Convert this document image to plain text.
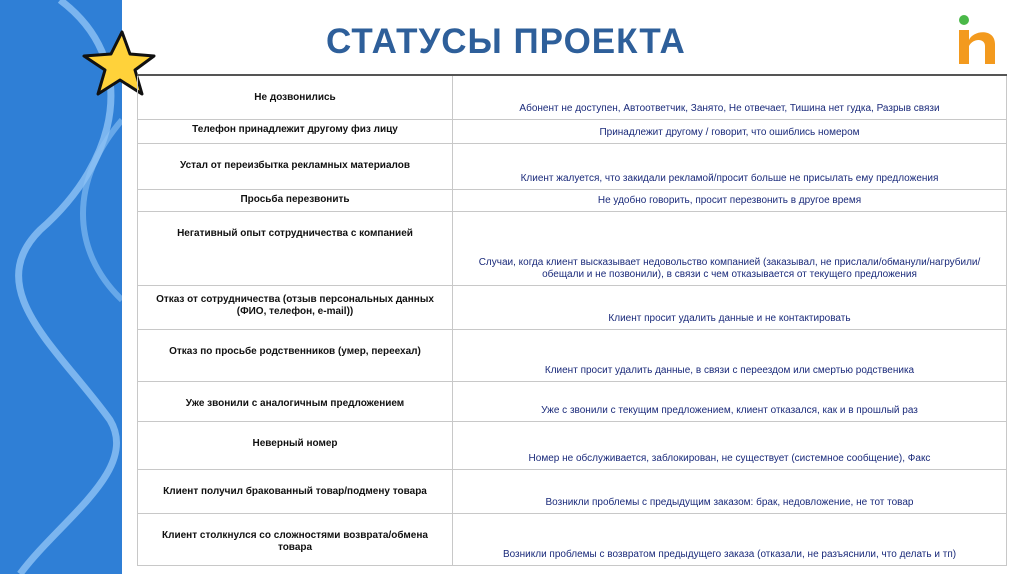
СТАТУСЫ ПРОЕКТА
Не дозвонились	Абонент не доступен, Автоответчик, Занято, Не отвечает, Тишина нет гудка, Разрыв связи

Телефон принадлежит другому физ лицу	Принадлежит другому / говорит, что ошиблись номером

Устал от переизбытка рекламных материалов	Клиент жалуется, что закидали рекламой/просит больше не присылать ему предложения

Просьба перезвонить	Не удобно говорить, просит перезвонить в другое время

Негативный опыт сотрудничества с компанией	Случаи, когда клиент высказывает недовольство компанией (заказывал, не прислали/обманули/нагрубили/обещали и не позвонили), в связи с чем отказывается от текущего предложения

Отказ от сотрудничества (отзыв персональных данных (ФИО, телефон, e-mail))	Клиент просит удалить данные и не контактировать

Отказ по просьбе родственников (умер, переехал)	Клиент просит удалить данные, в связи с переездом или смертью родственика

Уже звонили с аналогичным предложением	Уже с звонили с текущим предложением, клиент отказался, как и в прошлый раз

Неверный номер	Номер не обслуживается, заблокирован, не существует (системное сообщение), Факс

Клиент получил бракованный товар/подмену товара	Возникли проблемы с предыдущим заказом: брак, недовложение, не тот товар

Клиент столкнулся со сложностями возврата/обмена товара	Возникли проблемы с возвратом предыдущего заказа (отказали, не разъяснили, что делать и тп)
